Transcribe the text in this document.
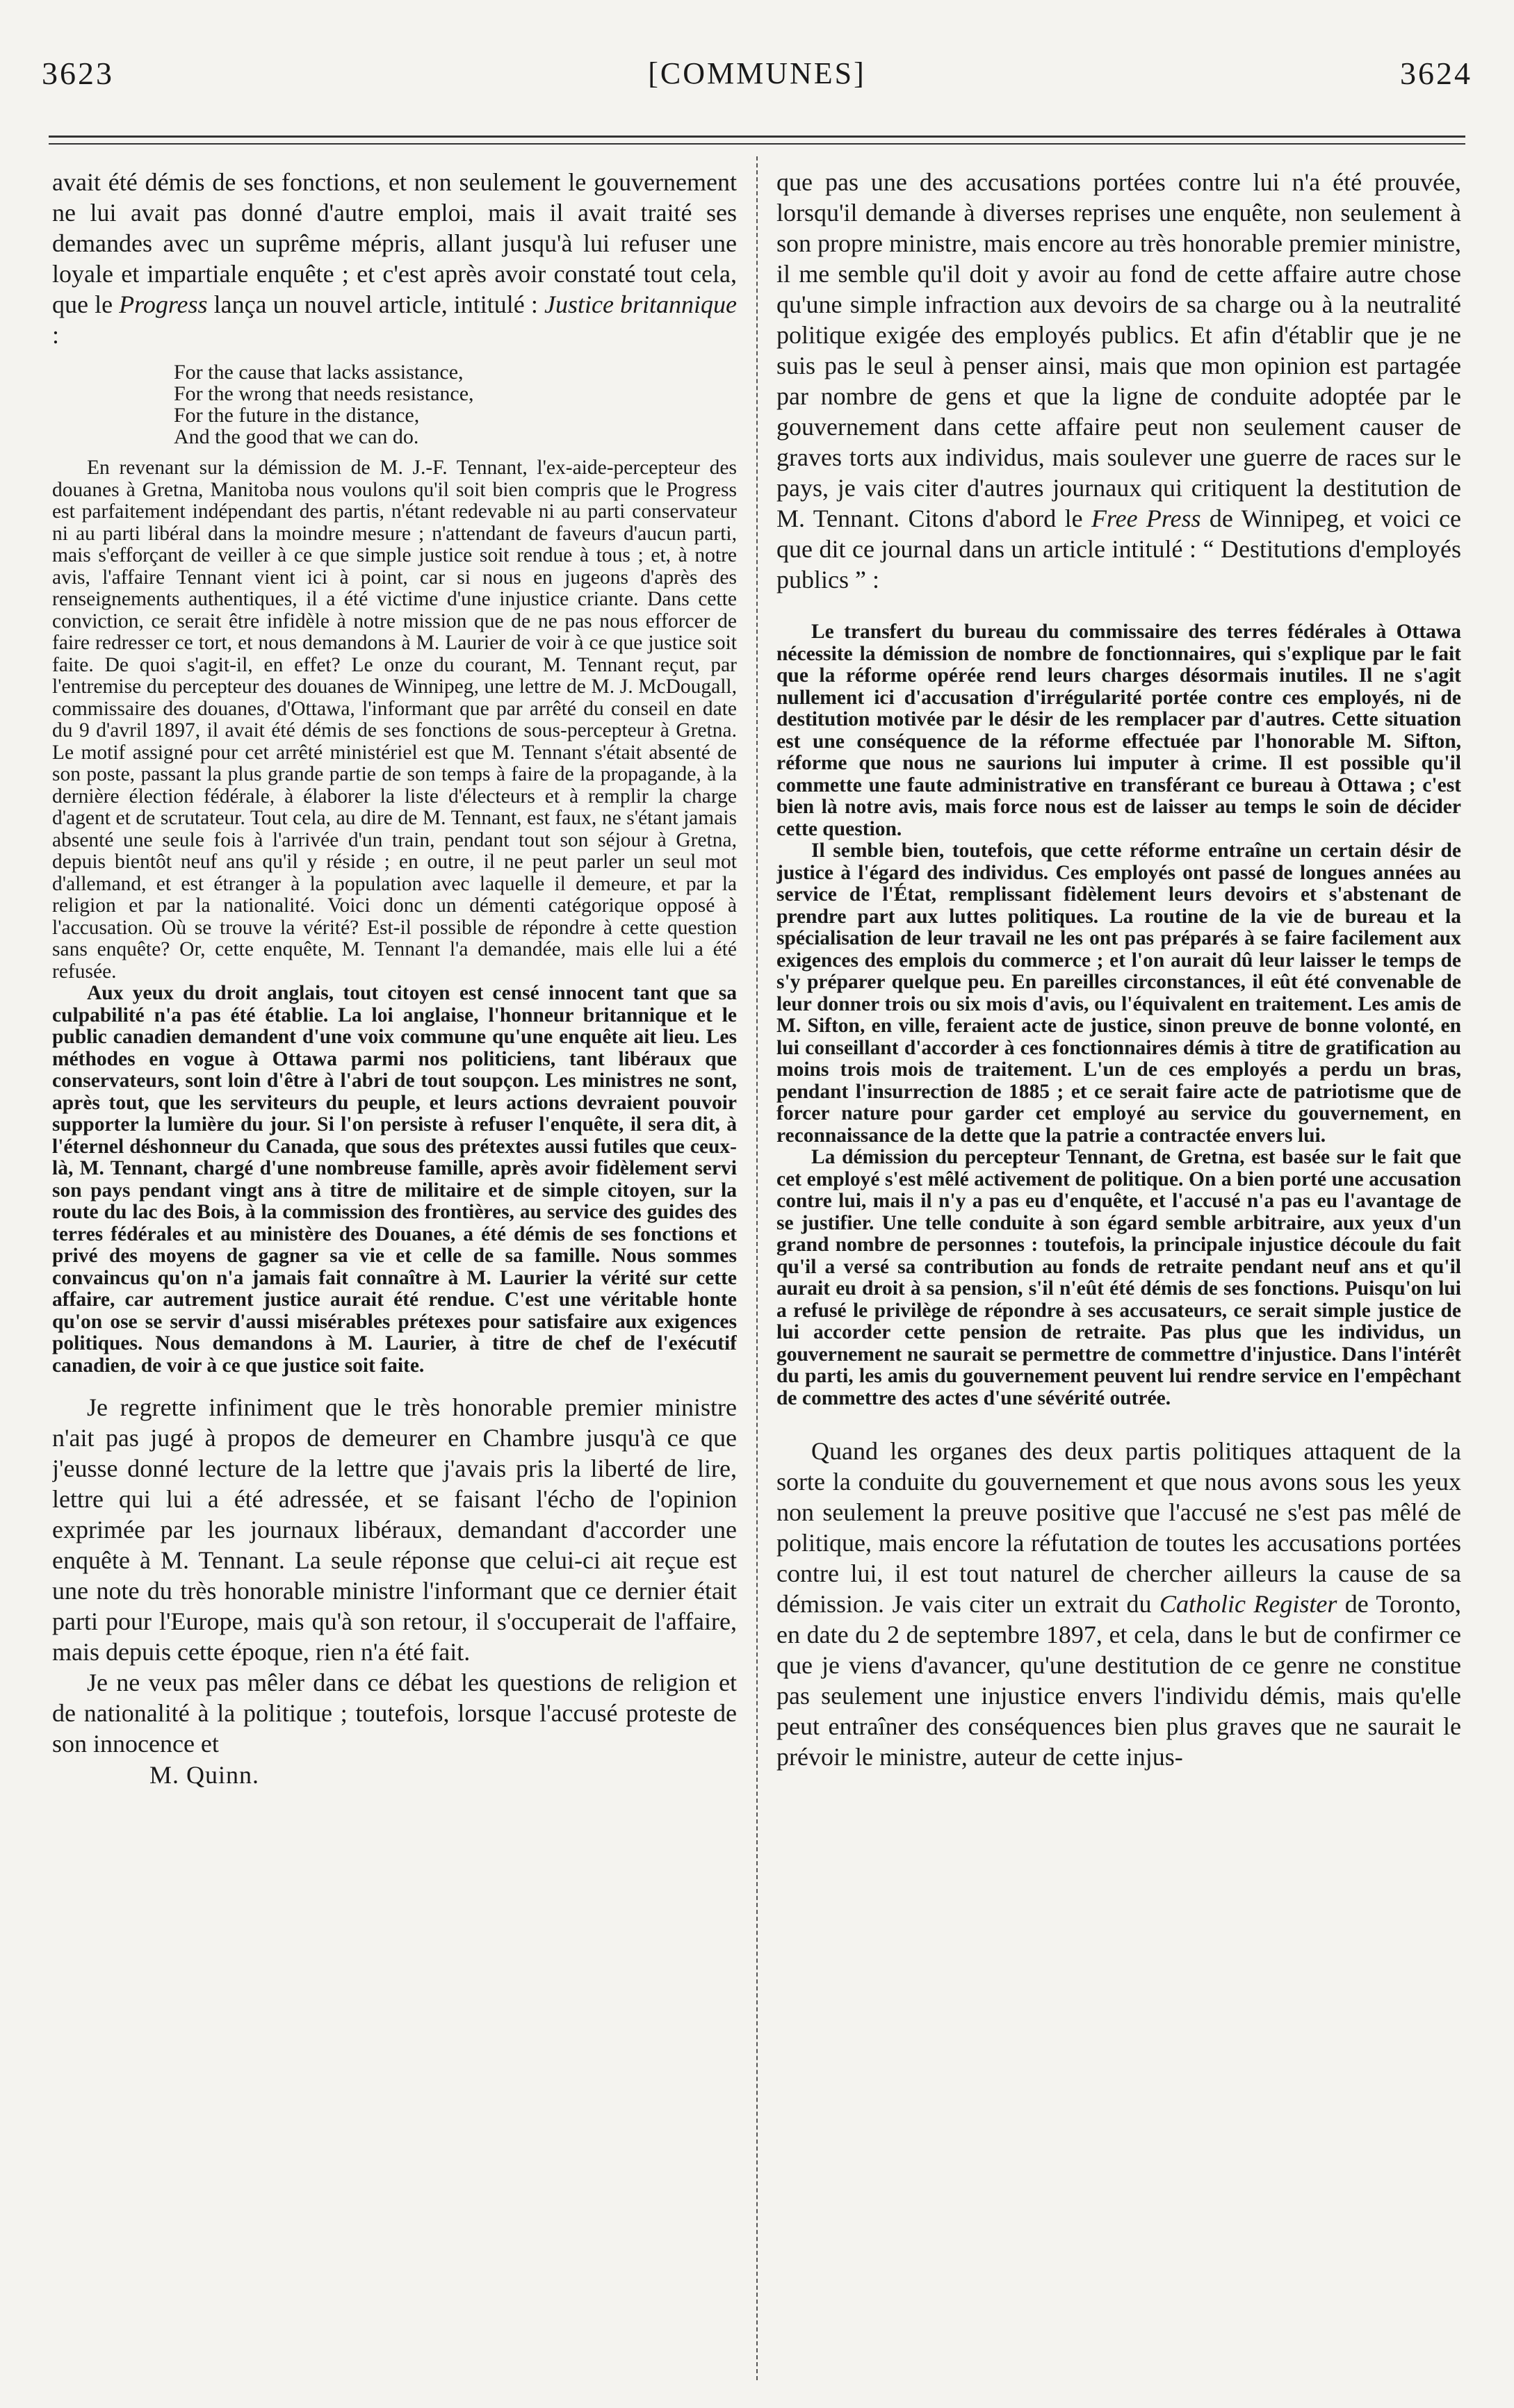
3623	[COMMUNES]	3624

avait été démis de ses fonctions, et non seulement le gouvernement ne lui avait pas donné d'autre emploi, mais il avait traité ses demandes avec un suprême mépris, allant jusqu'à lui refuser une loyale et impartiale enquête ; et c'est après avoir constaté tout cela, que le Progress lança un nouvel article, intitulé : Justice britannique :

For the cause that lacks assistance,
For the wrong that needs resistance,
For the future in the distance,
And the good that we can do.

En revenant sur la démission de M. J.-F. Tennant, l'ex-aide-percepteur des douanes à Gretna, Manitoba nous voulons qu'il soit bien compris que le Progress est parfaitement indépendant des partis, n'étant redevable ni au parti conservateur ni au parti libéral dans la moindre mesure ; n'attendant de faveurs d'aucun parti, mais s'efforçant de veiller à ce que simple justice soit rendue à tous ; et, à notre avis, l'affaire Tennant vient ici à point, car si nous en jugeons d'après des renseignements authentiques, il a été victime d'une injustice criante. Dans cette conviction, ce serait être infidèle à notre mission que de ne pas nous efforcer de faire redresser ce tort, et nous demandons à M. Laurier de voir à ce que justice soit faite. De quoi s'agit-il, en effet? Le onze du courant, M. Tennant reçut, par l'entremise du percepteur des douanes de Winnipeg, une lettre de M. J. McDougall, commissaire des douanes, d'Ottawa, l'informant que par arrêté du conseil en date du 9 d'avril 1897, il avait été démis de ses fonctions de sous-percepteur à Gretna. Le motif assigné pour cet arrêté ministériel est que M. Tennant s'était absenté de son poste, passant la plus grande partie de son temps à faire de la propagande, à la dernière élection fédérale, à élaborer la liste d'électeurs et à remplir la charge d'agent et de scrutateur. Tout cela, au dire de M. Tennant, est faux, ne s'étant jamais absenté une seule fois à l'arrivée d'un train, pendant tout son séjour à Gretna, depuis bientôt neuf ans qu'il y réside ; en outre, il ne peut parler un seul mot d'allemand, et est étranger à la population avec laquelle il demeure, et par la religion et par la nationalité. Voici donc un démenti catégorique opposé à l'accusation. Où se trouve la vérité? Est-il possible de répondre à cette question sans enquête? Or, cette enquête, M. Tennant l'a demandée, mais elle lui a été refusée.

Aux yeux du droit anglais, tout citoyen est censé innocent tant que sa culpabilité n'a pas été établie. La loi anglaise, l'honneur britannique et le public canadien demandent d'une voix commune qu'une enquête ait lieu. Les méthodes en vogue à Ottawa parmi nos politiciens, tant libéraux que conservateurs, sont loin d'être à l'abri de tout soupçon. Les ministres ne sont, après tout, que les serviteurs du peuple, et leurs actions devraient pouvoir supporter la lumière du jour. Si l'on persiste à refuser l'enquête, il sera dit, à l'éternel déshonneur du Canada, que sous des prétextes aussi futiles que ceux-là, M. Tennant, chargé d'une nombreuse famille, après avoir fidèlement servi son pays pendant vingt ans à titre de militaire et de simple citoyen, sur la route du lac des Bois, à la commission des frontières, au service des guides des terres fédérales et au ministère des Douanes, a été démis de ses fonctions et privé des moyens de gagner sa vie et celle de sa famille. Nous sommes convaincus qu'on n'a jamais fait connaître à M. Laurier la vérité sur cette affaire, car autrement justice aurait été rendue. C'est une véritable honte qu'on ose se servir d'aussi misérables prétexes pour satisfaire aux exigences politiques. Nous demandons à M. Laurier, à titre de chef de l'exécutif canadien, de voir à ce que justice soit faite.

Je regrette infiniment que le très honorable premier ministre n'ait pas jugé à propos de demeurer en Chambre jusqu'à ce que j'eusse donné lecture de la lettre que j'avais pris la liberté de lire, lettre qui lui a été adressée, et se faisant l'écho de l'opinion exprimée par les journaux libéraux, demandant d'accorder une enquête à M. Tennant. La seule réponse que celui-ci ait reçue est une note du très honorable ministre l'informant que ce dernier était parti pour l'Europe, mais qu'à son retour, il s'occuperait de l'affaire, mais depuis cette époque, rien n'a été fait.

Je ne veux pas mêler dans ce débat les questions de religion et de nationalité à la politique ; toutefois, lorsque l'accusé proteste de son innocence et

M. Quinn.

que pas une des accusations portées contre lui n'a été prouvée, lorsqu'il demande à diverses reprises une enquête, non seulement à son propre ministre, mais encore au très honorable premier ministre, il me semble qu'il doit y avoir au fond de cette affaire autre chose qu'une simple infraction aux devoirs de sa charge ou à la neutralité politique exigée des employés publics. Et afin d'établir que je ne suis pas le seul à penser ainsi, mais que mon opinion est partagée par nombre de gens et que la ligne de conduite adoptée par le gouvernement dans cette affaire peut non seulement causer de graves torts aux individus, mais soulever une guerre de races sur le pays, je vais citer d'autres journaux qui critiquent la destitution de M. Tennant. Citons d'abord le Free Press de Winnipeg, et voici ce que dit ce journal dans un article intitulé : “ Destitutions d'employés publics ” :

Le transfert du bureau du commissaire des terres fédérales à Ottawa nécessite la démission de nombre de fonctionnaires, qui s'explique par le fait que la réforme opérée rend leurs charges désormais inutiles. Il ne s'agit nullement ici d'accusation d'irrégularité portée contre ces employés, ni de destitution motivée par le désir de les remplacer par d'autres. Cette situation est une conséquence de la réforme effectuée par l'honorable M. Sifton, réforme que nous ne saurions lui imputer à crime. Il est possible qu'il commette une faute administrative en transférant ce bureau à Ottawa ; c'est bien là notre avis, mais force nous est de laisser au temps le soin de décider cette question.

Il semble bien, toutefois, que cette réforme entraîne un certain désir de justice à l'égard des individus. Ces employés ont passé de longues années au service de l'État, remplissant fidèlement leurs devoirs et s'abstenant de prendre part aux luttes politiques. La routine de la vie de bureau et la spécialisation de leur travail ne les ont pas préparés à se faire facilement aux exigences des emplois du commerce ; et l'on aurait dû leur laisser le temps de s'y préparer quelque peu. En pareilles circonstances, il eût été convenable de leur donner trois ou six mois d'avis, ou l'équivalent en traitement. Les amis de M. Sifton, en ville, feraient acte de justice, sinon preuve de bonne volonté, en lui conseillant d'accorder à ces fonctionnaires démis à titre de gratification au moins trois mois de traitement. L'un de ces employés a perdu un bras, pendant l'insurrection de 1885 ; et ce serait faire acte de patriotisme que de forcer nature pour garder cet employé au service du gouvernement, en reconnaissance de la dette que la patrie a contractée envers lui.

La démission du percepteur Tennant, de Gretna, est basée sur le fait que cet employé s'est mêlé activement de politique. On a bien porté une accusation contre lui, mais il n'y a pas eu d'enquête, et l'accusé n'a pas eu l'avantage de se justifier. Une telle conduite à son égard semble arbitraire, aux yeux d'un grand nombre de personnes : toutefois, la principale injustice découle du fait qu'il a versé sa contribution au fonds de retraite pendant neuf ans et qu'il aurait eu droit à sa pension, s'il n'eût été démis de ses fonctions. Puisqu'on lui a refusé le privilège de répondre à ses accusateurs, ce serait simple justice de lui accorder cette pension de retraite. Pas plus que les individus, un gouvernement ne saurait se permettre de commettre d'injustice. Dans l'intérêt du parti, les amis du gouvernement peuvent lui rendre service en l'empêchant de commettre des actes d'une sévérité outrée.

Quand les organes des deux partis politiques attaquent de la sorte la conduite du gouvernement et que nous avons sous les yeux non seulement la preuve positive que l'accusé ne s'est pas mêlé de politique, mais encore la réfutation de toutes les accusations portées contre lui, il est tout naturel de chercher ailleurs la cause de sa démission. Je vais citer un extrait du Catholic Register de Toronto, en date du 2 de septembre 1897, et cela, dans le but de confirmer ce que je viens d'avancer, qu'une destitution de ce genre ne constitue pas seulement une injustice envers l'individu démis, mais qu'elle peut entraîner des conséquences bien plus graves que ne saurait le prévoir le ministre, auteur de cette injus-
